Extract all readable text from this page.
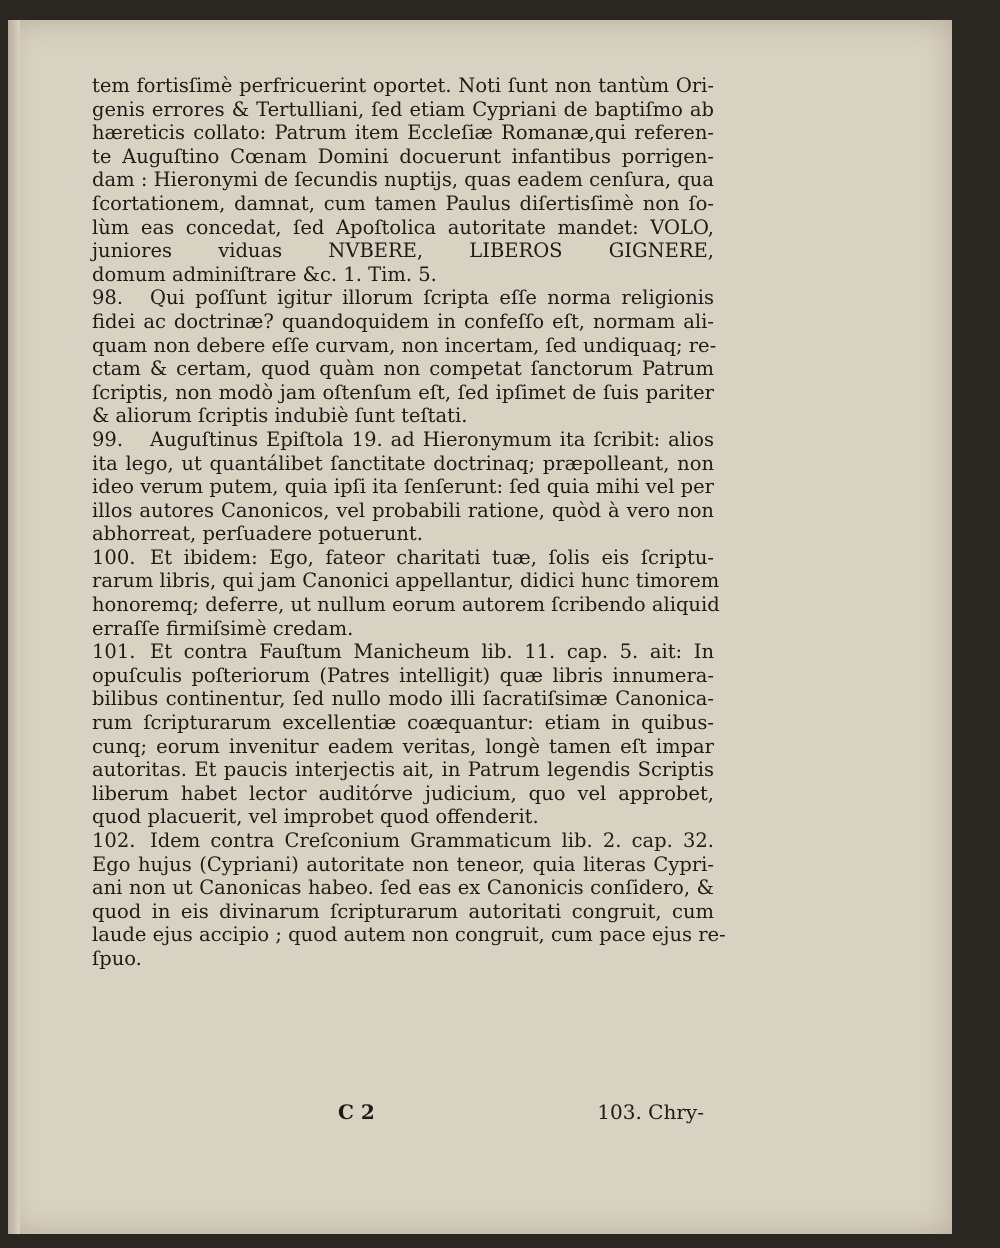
tem fortisſimè perfricuerint oportet. Noti ſunt non tantùm Ori-
genis errores & Tertulliani, ſed etiam Cypriani de baptiſmo ab
hæreticis collato: Patrum item Eccleſiæ Romanæ,qui referen-
te Auguſtino Cœnam Domini docuerunt infantibus porrigen-
dam : Hieronymi de ſecundis nuptijs, quas eadem cenſura, qua
ſcortationem, damnat, cum tamen Paulus diſertisſimè non ſo-
lùm eas concedat, ſed Apoſtolica autoritate mandet: VOLO,
juniores viduas NVBERE, LIBEROS GIGNERE,
domum adminiſtrare &c. 1. Tim. 5.
98. Qui poſſunt igitur illorum ſcripta eſſe norma religionis
fidei ac doctrinæ? quandoquidem in confeſſo eſt, normam ali-
quam non debere eſſe curvam, non incertam, ſed undiquaq; re-
ctam & certam, quod quàm non competat ſanctorum Patrum
ſcriptis, non modò jam oſtenſum eſt, ſed ipſimet de ſuis pariter
& aliorum ſcriptis indubiè ſunt teſtati.
99. Auguſtinus Epiſtola 19. ad Hieronymum ita ſcribit: alios
ita lego, ut quantálibet ſanctitate doctrinaq; præpolleant, non
ideo verum putem, quia ipſi ita ſenſerunt: ſed quia mihi vel per
illos autores Canonicos, vel probabili ratione, quòd à vero non
abhorreat, perſuadere potuerunt.
100. Et ibidem: Ego, fateor charitati tuæ, ſolis eis ſcriptu-
rarum libris, qui jam Canonici appellantur, didici hunc timorem
honoremq; deferre, ut nullum eorum autorem ſcribendo aliquid
erraſſe firmiſsimè credam.
101. Et contra Fauſtum Manicheum lib. 11. cap. 5. ait: In
opuſculis poſteriorum (Patres intelligit) quæ libris innumera-
bilibus continentur, ſed nullo modo illi ſacratiſsimæ Canonica-
rum ſcripturarum excellentiæ coæquantur: etiam in quibus-
cunq; eorum invenitur eadem veritas, longè tamen eſt impar
autoritas. Et paucis interjectis ait, in Patrum legendis Scriptis
liberum habet lector auditórve judicium, quo vel approbet,
quod placuerit, vel improbet quod offenderit.
102. Idem contra Creſconium Grammaticum lib. 2. cap. 32.
Ego hujus (Cypriani) autoritate non teneor, quia literas Cypri-
ani non ut Canonicas habeo. ſed eas ex Canonicis conſidero, &
quod in eis divinarum ſcripturarum autoritati congruit, cum
laude ejus accipio ; quod autem non congruit, cum pace ejus re-
ſpuo.
C 2	103. Chry-
